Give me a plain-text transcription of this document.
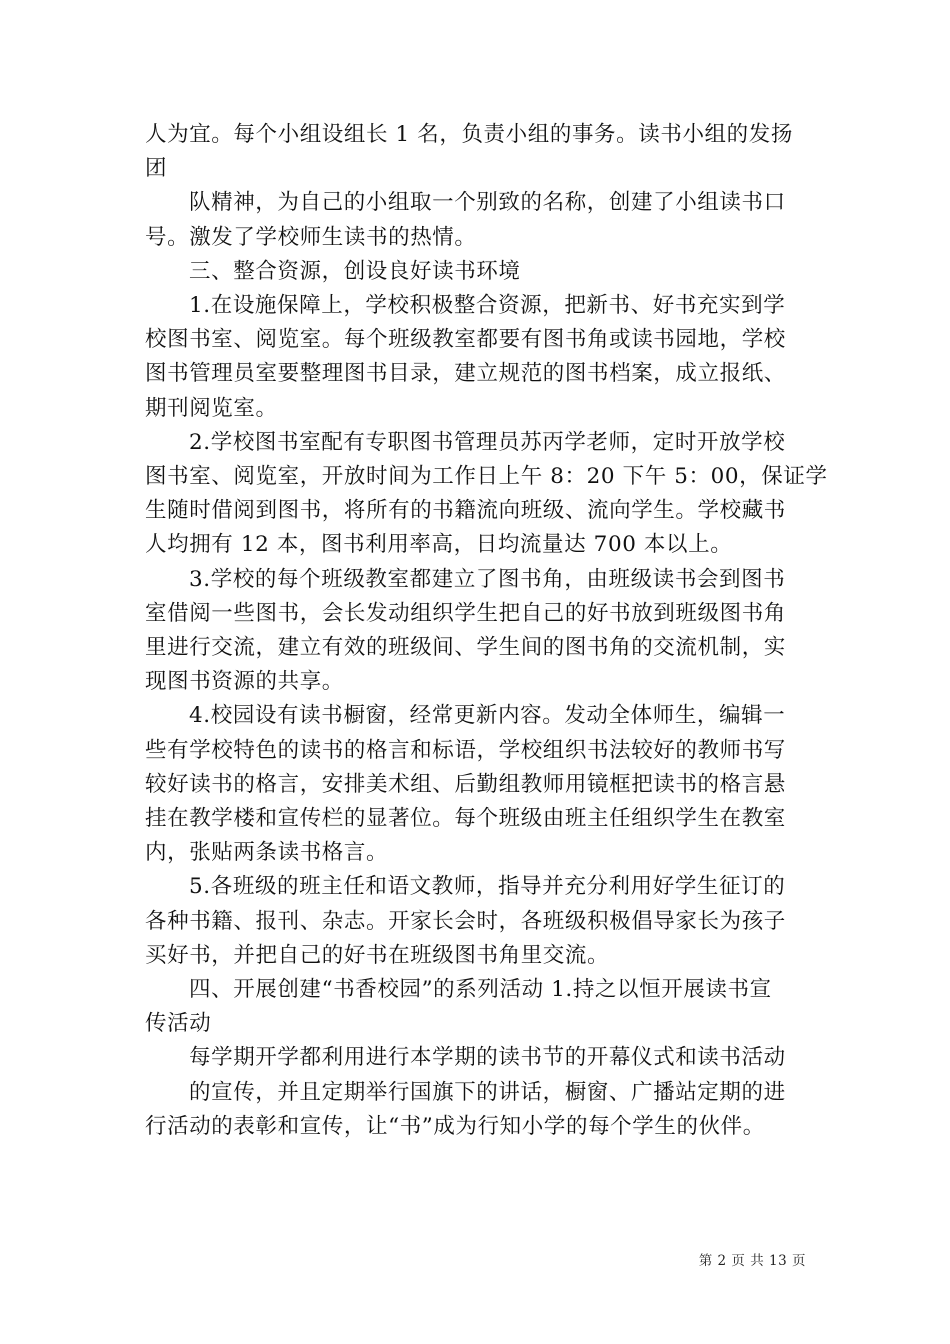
人为宜。每个小组设组长 1 名，负责小组的事务。读书小组的发扬
团
队精神，为自己的小组取一个别致的名称，创建了小组读书口
号。激发了学校师生读书的热情。
三、整合资源，创设良好读书环境
1.在设施保障上，学校积极整合资源，把新书、好书充实到学
校图书室、阅览室。每个班级教室都要有图书角或读书园地，学校
图书管理员室要整理图书目录，建立规范的图书档案，成立报纸、
期刊阅览室。
2.学校图书室配有专职图书管理员苏丙学老师，定时开放学校
图书室、阅览室，开放时间为工作日上午 8：20 下午 5：00，保证学
生随时借阅到图书，将所有的书籍流向班级、流向学生。学校藏书
人均拥有 12 本，图书利用率高，日均流量达 700 本以上。
3.学校的每个班级教室都建立了图书角，由班级读书会到图书
室借阅一些图书，会长发动组织学生把自己的好书放到班级图书角
里进行交流，建立有效的班级间、学生间的图书角的交流机制，实
现图书资源的共享。
4.校园设有读书橱窗，经常更新内容。发动全体师生，编辑一
些有学校特色的读书的格言和标语，学校组织书法较好的教师书写
较好读书的格言，安排美术组、后勤组教师用镜框把读书的格言悬
挂在教学楼和宣传栏的显著位。每个班级由班主任组织学生在教室
内，张贴两条读书格言。
5.各班级的班主任和语文教师，指导并充分利用好学生征订的
各种书籍、报刊、杂志。开家长会时，各班级积极倡导家长为孩子
买好书，并把自己的好书在班级图书角里交流。
四、开展创建“书香校园”的系列活动 1.持之以恒开展读书宣
传活动
每学期开学都利用进行本学期的读书节的开幕仪式和读书活动
的宣传，并且定期举行国旗下的讲话，橱窗、广播站定期的进
行活动的表彰和宣传，让“书”成为行知小学的每个学生的伙伴。
第 2 页 共 13 页
